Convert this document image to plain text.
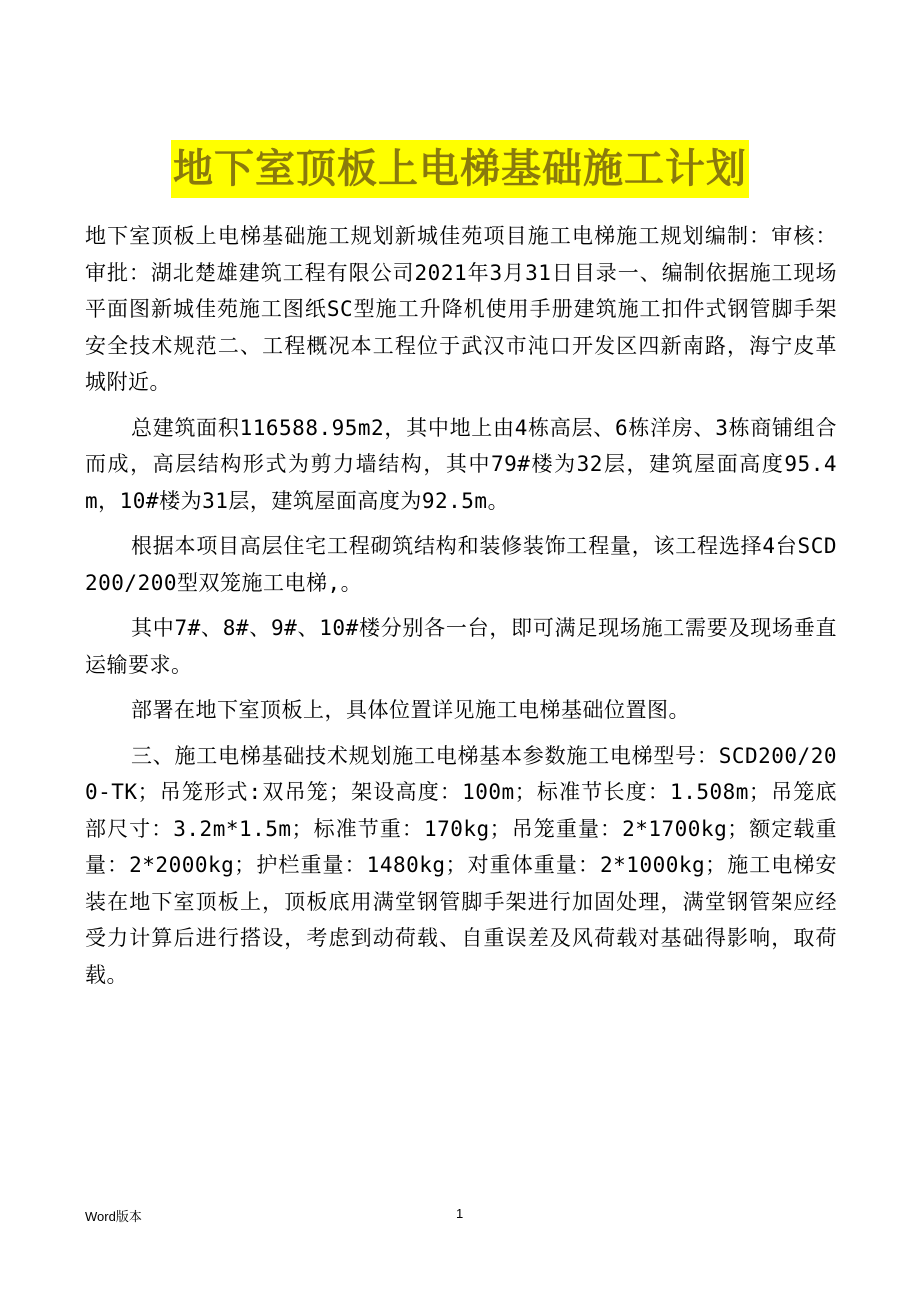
地下室顶板上电梯基础施工计划

地下室顶板上电梯基础施工规划新城佳苑项目施工电梯施工规划编制：审核：审批：湖北楚雄建筑工程有限公司2021年3月31日目录一、编制依据施工现场平面图新城佳苑施工图纸SC型施工升降机使用手册建筑施工扣件式钢管脚手架安全技术规范二、工程概况本工程位于武汉市沌口开发区四新南路，海宁皮革城附近。

总建筑面积116588.95m2，其中地上由4栋高层、6栋洋房、3栋商铺组合而成，高层结构形式为剪力墙结构，其中79#楼为32层，建筑屋面高度95.4m，10#楼为31层，建筑屋面高度为92.5m。

根据本项目高层住宅工程砌筑结构和装修装饰工程量，该工程选择4台SCD200/200型双笼施工电梯,。

其中7#、8#、9#、10#楼分别各一台，即可满足现场施工需要及现场垂直运输要求。

部署在地下室顶板上，具体位置详见施工电梯基础位置图。

三、施工电梯基础技术规划施工电梯基本参数施工电梯型号：SCD200/200-TK；吊笼形式:双吊笼；架设高度：100m；标准节长度：1.508m；吊笼底部尺寸：3.2m*1.5m；标准节重：170kg；吊笼重量：2*1700kg；额定载重量：2*2000kg；护栏重量：1480kg；对重体重量：2*1000kg；施工电梯安装在地下室顶板上，顶板底用满堂钢管脚手架进行加固处理，满堂钢管架应经受力计算后进行搭设，考虑到动荷载、自重误差及风荷载对基础得影响，取荷载。

Word版本	1
